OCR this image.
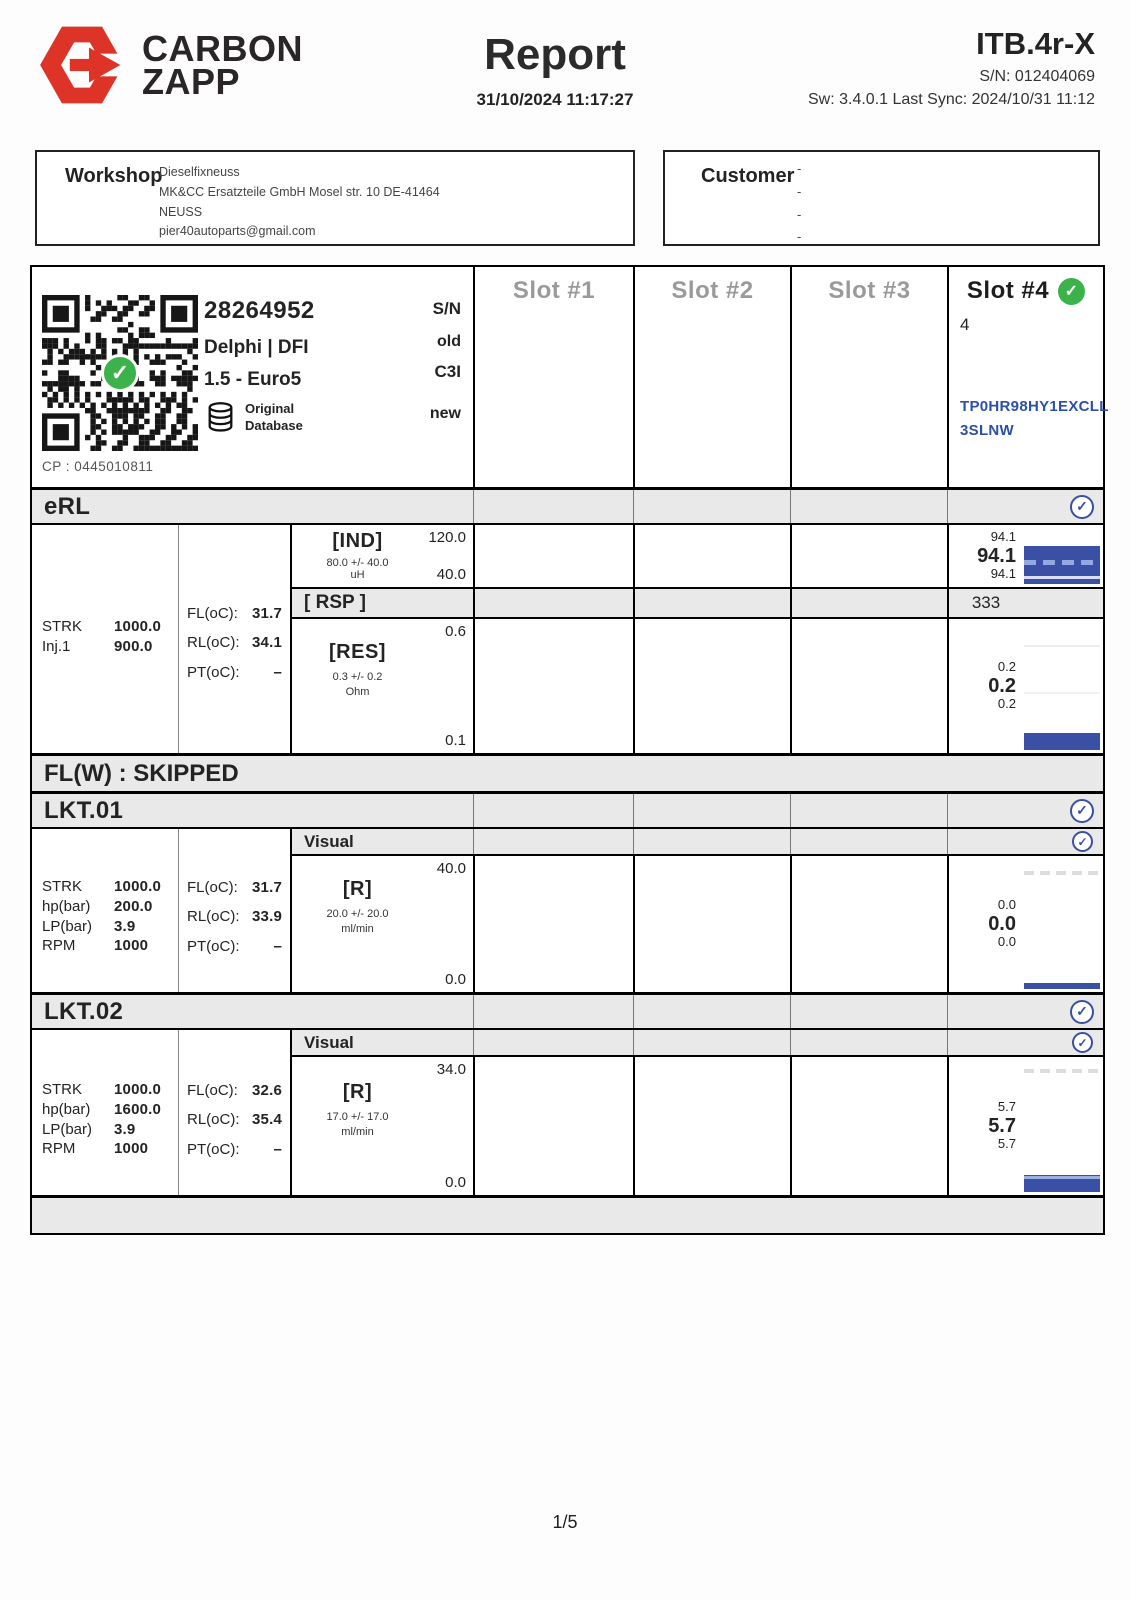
CARBON
ZAPP
Report
31/10/2024 11:17:27
ITB.4r-X
S/N: 012404069
Sw: 3.4.0.1 Last Sync: 2024/10/31 11:12
Workshop
Dieselfixneuss
MK&CC Ersatzteile GmbH Mosel str. 10 DE-41464
NEUSS
pier40autoparts@gmail.com
Customer -
-
-
-
✓
CP : 0445010811
28264952
Delphi | DFI
1.5 - Euro5
Original
Database
S/N
old
C3I
new
Slot #1	Slot #2	Slot #3	Slot #4
✓
4
TP0HR98HY1EXCLL
3SLNW
eRL
✓
STRK	1000.0
Inj.1	900.0
FL(oC): 31.7
RL(oC): 34.1
PT(oC): –
[IND]
80.0 +/- 40.0
uH
120.0
40.0
94.1
94.1
94.1
[ RSP ]	333
[RES]
0.3 +/- 0.2
Ohm
0.6
0.1
0.2
0.2
0.2
FL(W) : SKIPPED
LKT.01
✓
STRK	1000.0
hp(bar)	200.0
LP(bar)	3.9
RPM	1000
FL(oC): 31.7
RL(oC): 33.9
PT(oC): –
Visual
✓
[R]
20.0 +/- 20.0
ml/min
40.0
0.0
0.0
0.0
0.0
LKT.02
✓
STRK	1000.0
hp(bar)	1600.0
LP(bar)	3.9
RPM	1000
FL(oC): 32.6
RL(oC): 35.4
PT(oC): –
Visual
✓
[R]
17.0 +/- 17.0
ml/min
34.0
0.0
5.7
5.7
5.7
1/5
